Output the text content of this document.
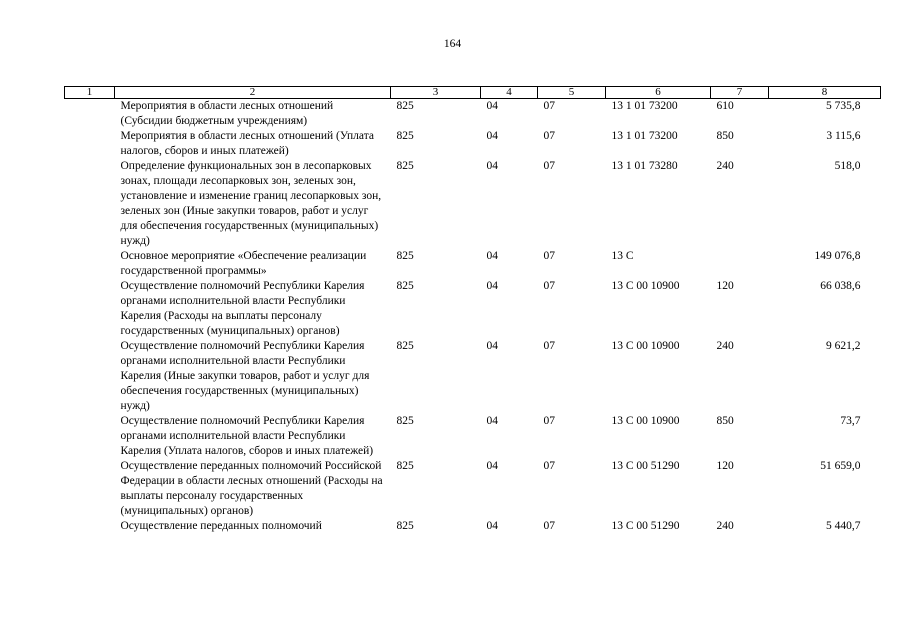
164
1	2	3	4	5	6	7	8
	Мероприятия в области лесных отношений (Субсидии бюджетным учреждениям)	825	04	07	13 1 01 73200	610	5 735,8
	Мероприятия в области лесных отношений (Уплата налогов, сборов и иных платежей)	825	04	07	13 1 01 73200	850	3 115,6
	Определение функциональных зон в лесопарковых зонах, площади лесопарковых зон, зеленых зон, установление и изменение границ лесопарковых зон, зеленых зон (Иные закупки товаров, работ и услуг для обеспечения государственных (муниципальных) нужд)	825	04	07	13 1 01 73280	240	518,0
	Основное мероприятие «Обеспечение реализации государственной программы»	825	04	07	13 С		149 076,8
	Осуществление полномочий Республики Карелия органами исполнительной власти Республики Карелия (Расходы на выплаты персоналу государственных (муниципальных) органов)	825	04	07	13 С 00 10900	120	66 038,6
	Осуществление полномочий Республики Карелия органами исполнительной власти Республики Карелия (Иные закупки товаров, работ и услуг для обеспечения государственных (муниципальных) нужд)	825	04	07	13 С 00 10900	240	9 621,2
	Осуществление полномочий Республики Карелия органами исполнительной власти Республики Карелия (Уплата налогов, сборов и иных платежей)	825	04	07	13 С 00 10900	850	73,7
	Осуществление переданных полномочий Российской Федерации в области лесных отношений (Расходы на выплаты персоналу государственных (муниципальных) органов)	825	04	07	13 С 00 51290	120	51 659,0
	Осуществление переданных полномочий	825	04	07	13 С 00 51290	240	5 440,7
